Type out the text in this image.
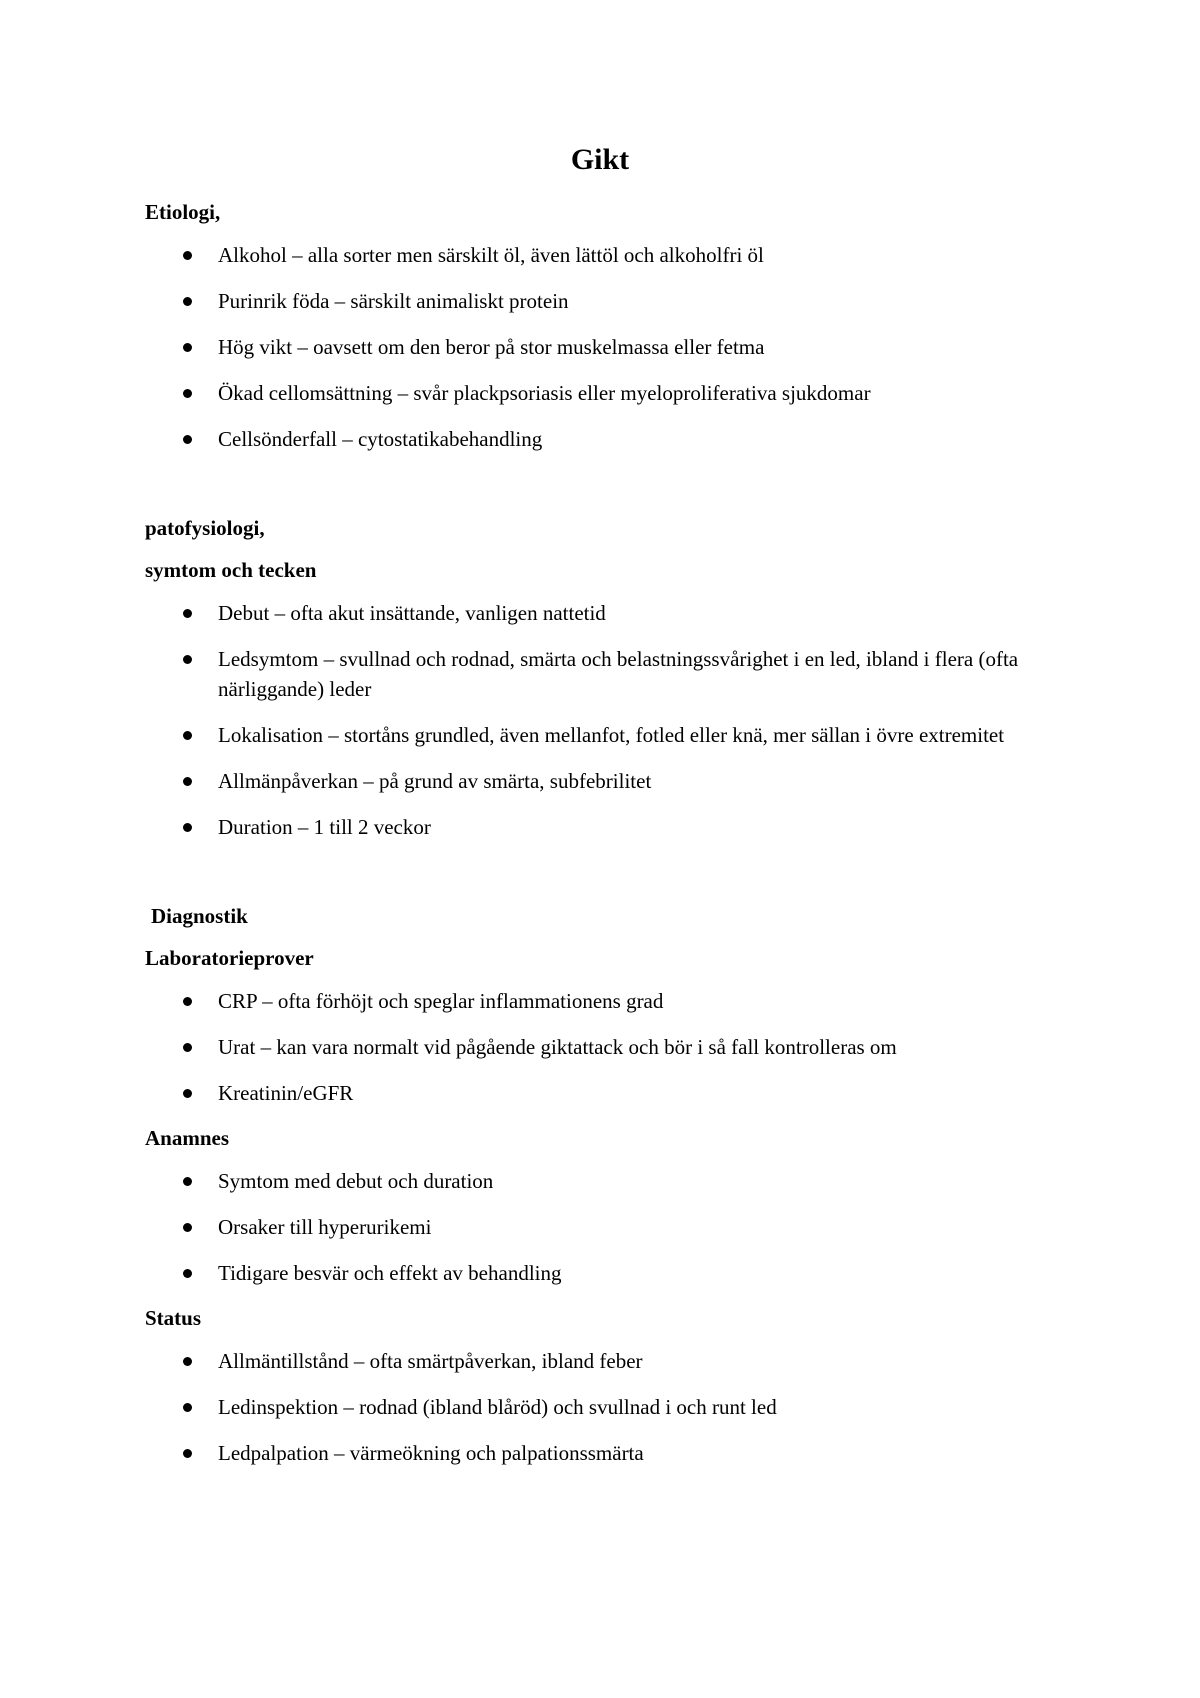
Gikt
Etiologi,
Alkohol – alla sorter men särskilt öl, även lättöl och alkoholfri öl
Purinrik föda – särskilt animaliskt protein
Hög vikt – oavsett om den beror på stor muskelmassa eller fetma
Ökad cellomsättning – svår plackpsoriasis eller myeloproliferativa sjukdomar
Cellsönderfall – cytostatikabehandling
patofysiologi,
symtom och tecken
Debut – ofta akut insättande, vanligen nattetid
Ledsymtom – svullnad och rodnad, smärta och belastningssvårighet i en led, ibland i flera (ofta närliggande) leder
Lokalisation – stortåns grundled, även mellanfot, fotled eller knä, mer sällan i övre extremitet
Allmänpåverkan – på grund av smärta, subfebrilitet
Duration – 1 till 2 veckor
Diagnostik
Laboratorieprover
CRP – ofta förhöjt och speglar inflammationens grad
Urat – kan vara normalt vid pågående giktattack och bör i så fall kontrolleras om
Kreatinin/eGFR
Anamnes
Symtom med debut och duration
Orsaker till hyperurikemi
Tidigare besvär och effekt av behandling
Status
Allmäntillstånd – ofta smärtpåverkan, ibland feber
Ledinspektion – rodnad (ibland blåröd) och svullnad i och runt led
Ledpalpation – värmeökning och palpationssmärta
